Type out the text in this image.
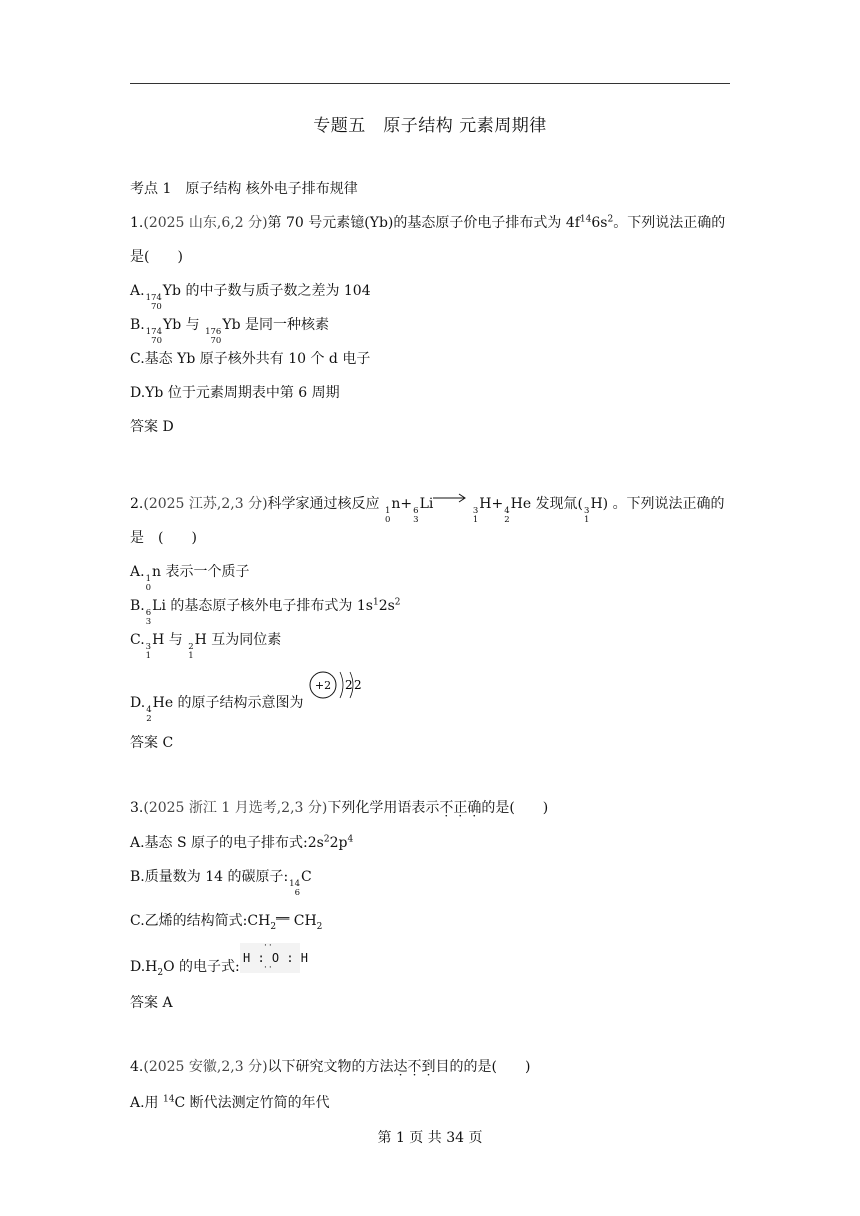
专题五　原子结构 元素周期律
考点 1　原子结构 核外电子排布规律
1.(2025 山东,6,2 分)第 70 号元素镱(Yb)的基态原子价电子排布式为 $4f^{14}6s^2$。下列说法正确的
是(　　)
A. 174
70
Yb 的中子数与质子数之差为 104
B. 174
70
Yb 与 176
70
Yb 是同一种核素
C.基态 Yb 原子核外共有 10 个 d 电子
D.Yb 位于元素周期表中第 6 周期
答案 D
2.(2025 江苏,2,3 分)科学家通过核反应 1
0
n+ 6
3
Li→
3
1
H+ 4
2
He 发现氚( 3
1
H) 。下列说法正确的
是　(　　)
A. 1
0
n 表示一个质子
B. 6
3
Li 的基态原子核外电子排布式为 $1s^12s^2$
C. 3
1
H 与 2
1
H 互为同位素
D. 4
2
He 的原子结构示意图为
+2 2 2
答案 C
3.(2025 浙江 1 月选考,2,3 分)下列化学用语表示不正确的是(　　)
A.基态 S 原子的电子排布式$:2s^22p^4$
B.质量数为 14 的碳原子: 14
6
C
C.乙烯的结构简式$:CH_2^{══}$ $CH_2$
$D.H_2O$ 的电子式:
H : O : H
··
··
答案 A
4.(2025 安徽,2,3 分)以下研究文物的方法达不到目的的是(　　)
A.用 $^{14}$C 断代法测定竹简的年代
第 1 页 共 34 页
